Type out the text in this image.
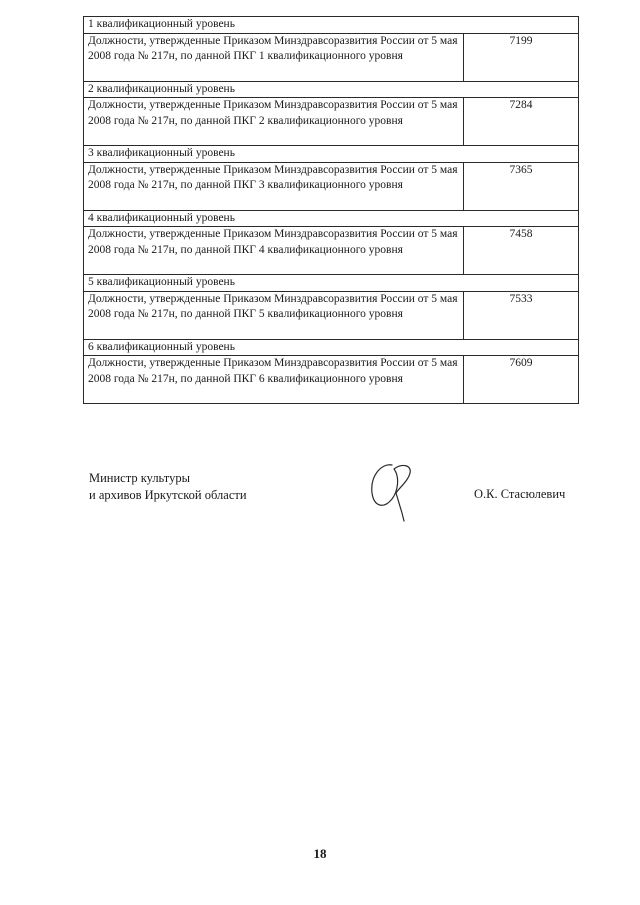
1 квалификационный уровень	
Должности, утвержденные Приказом Минздравсоразвития России от 5 мая 2008 года № 217н, по данной ПКГ 1 квалификационного уровня	7199
2 квалификационный уровень	
Должности, утвержденные Приказом Минздравсоразвития России от 5 мая 2008 года № 217н, по данной ПКГ 2 квалификационного уровня	7284
3 квалификационный уровень	
Должности, утвержденные Приказом Минздравсоразвития России от 5 мая 2008 года № 217н, по данной ПКГ 3 квалификационного уровня	7365
4 квалификационный уровень	
Должности, утвержденные Приказом Минздравсоразвития России от 5 мая 2008 года № 217н, по данной ПКГ 4 квалификационного уровня	7458
5 квалификационный уровень	
Должности, утвержденные Приказом Минздравсоразвития России от 5 мая 2008 года № 217н, по данной ПКГ 5 квалификационного уровня	7533
6 квалификационный уровень	
Должности, утвержденные Приказом Минздравсоразвития России от 5 мая 2008 года № 217н, по данной ПКГ 6 квалификационного уровня	7609
Министр культуры
и архивов Иркутской области	О.К. Стасюлевич
18
